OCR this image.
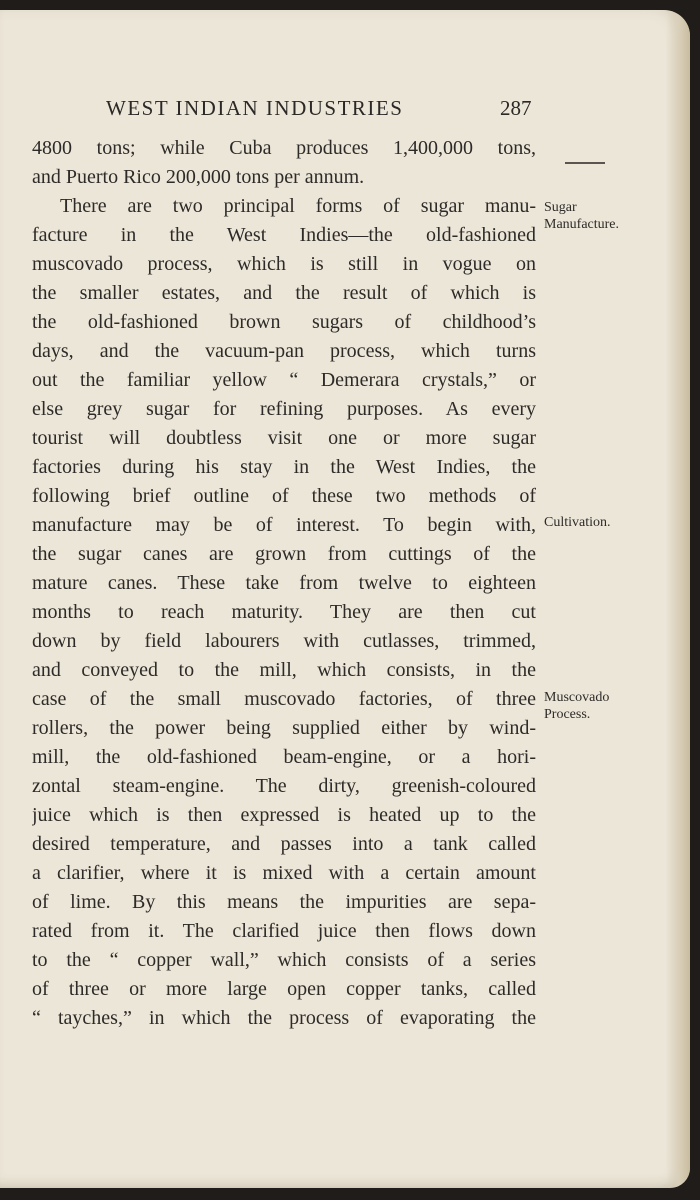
WEST INDIAN INDUSTRIES	287
4800 tons; while Cuba produces 1,400,000 tons,
and Puerto Rico 200,000 tons per annum.
There are two principal forms of sugar manu-
facture in the West Indies—the old-fashioned
muscovado process, which is still in vogue on
the smaller estates, and the result of which is
the old-fashioned brown sugars of childhood’s
days, and the vacuum-pan process, which turns
out the familiar yellow “ Demerara crystals,” or
else grey sugar for refining purposes. As every
tourist will doubtless visit one or more sugar
factories during his stay in the West Indies, the
following brief outline of these two methods of
manufacture may be of interest. To begin with,
the sugar canes are grown from cuttings of the
mature canes. These take from twelve to eighteen
months to reach maturity. They are then cut
down by field labourers with cutlasses, trimmed,
and conveyed to the mill, which consists, in the
case of the small muscovado factories, of three
rollers, the power being supplied either by wind-
mill, the old-fashioned beam-engine, or a hori-
zontal steam-engine. The dirty, greenish-coloured
juice which is then expressed is heated up to the
desired temperature, and passes into a tank called
a clarifier, where it is mixed with a certain amount
of lime. By this means the impurities are sepa-
rated from it. The clarified juice then flows down
to the “ copper wall,” which consists of a series
of three or more large open copper tanks, called
“ tayches,” in which the process of evaporating the
Sugar
Manufacture.
Cultivation.
Muscovado
Process.
